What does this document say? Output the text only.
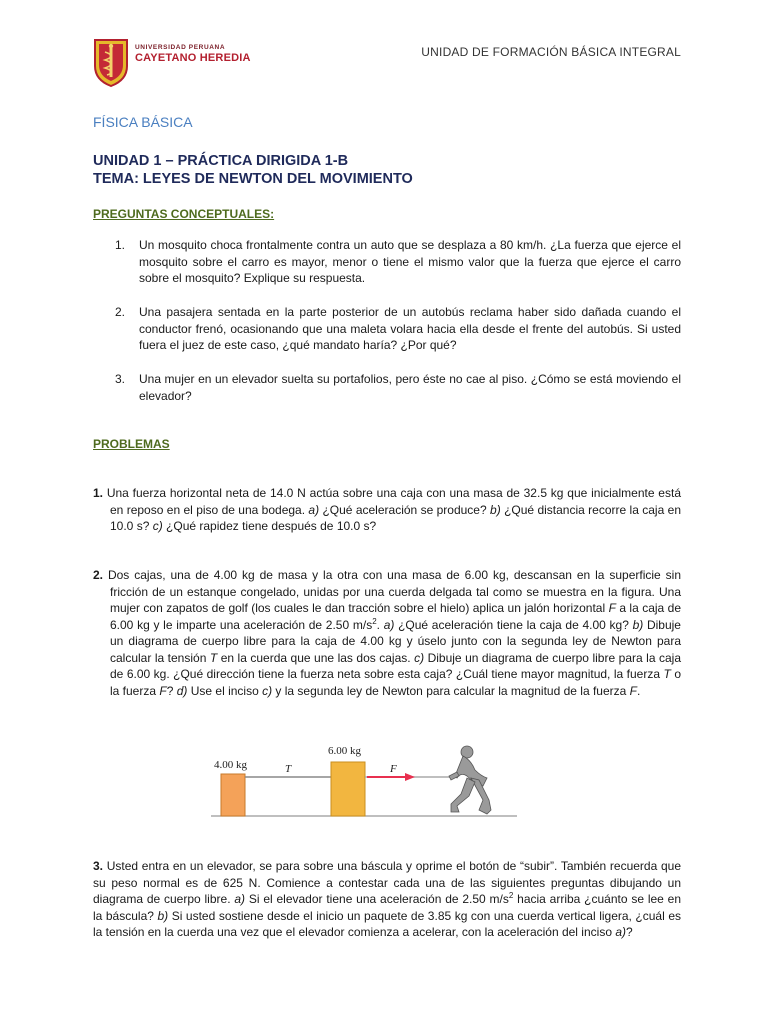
UNIVERSIDAD PERUANA
CAYETANO HEREDIA	UNIDAD DE FORMACIÓN BÁSICA INTEGRAL
FÍSICA BÁSICA
UNIDAD 1 – PRÁCTICA DIRIGIDA 1-B
TEMA: LEYES DE NEWTON DEL MOVIMIENTO
PREGUNTAS CONCEPTUALES:
1. Un mosquito choca frontalmente contra un auto que se desplaza a 80 km/h. ¿La fuerza que ejerce el mosquito sobre el carro es mayor, menor o tiene el mismo valor que la fuerza que ejerce el carro sobre el mosquito? Explique su respuesta.
2. Una pasajera sentada en la parte posterior de un autobús reclama haber sido dañada cuando el conductor frenó, ocasionando que una maleta volara hacia ella desde el frente del autobús. Si usted fuera el juez de este caso, ¿qué mandato haría? ¿Por qué?
3. Una mujer en un elevador suelta su portafolios, pero éste no cae al piso. ¿Cómo se está moviendo el elevador?
PROBLEMAS
1. Una fuerza horizontal neta de 14.0 N actúa sobre una caja con una masa de 32.5 kg que inicialmente está en reposo en el piso de una bodega. a) ¿Qué aceleración se produce? b) ¿Qué distancia recorre la caja en 10.0 s? c) ¿Qué rapidez tiene después de 10.0 s?
2. Dos cajas, una de 4.00 kg de masa y la otra con una masa de 6.00 kg, descansan en la superficie sin fricción de un estanque congelado, unidas por una cuerda delgada tal como se muestra en la figura. Una mujer con zapatos de golf (los cuales le dan tracción sobre el hielo) aplica un jalón horizontal F a la caja de 6.00 kg y le imparte una aceleración de 2.50 $m/s^2$. a) ¿Qué aceleración tiene la caja de 4.00 kg? b) Dibuje un diagrama de cuerpo libre para la caja de 4.00 kg y úselo junto con la segunda ley de Newton para calcular la tensión T en la cuerda que une las dos cajas. c) Dibuje un diagrama de cuerpo libre para la caja de 6.00 kg. ¿Qué dirección tiene la fuerza neta sobre esta caja? ¿Cuál tiene mayor magnitud, la fuerza T o la fuerza F? d) Use el inciso c) y la segunda ley de Newton para calcular la magnitud de la fuerza F.
4.00 kg
6.00 kg
T	F
3. Usted entra en un elevador, se para sobre una báscula y oprime el botón de “subir”. También recuerda que su peso normal es de 625 N. Comience a contestar cada una de las siguientes preguntas dibujando un diagrama de cuerpo libre. a) Si el elevador tiene una aceleración de 2.50 $m/s^2$ hacia arriba ¿cuánto se lee en la báscula? b) Si usted sostiene desde el inicio un paquete de 3.85 kg con una cuerda vertical ligera, ¿cuál es la tensión en la cuerda una vez que el elevador comienza a acelerar, con la aceleración del inciso a)?
